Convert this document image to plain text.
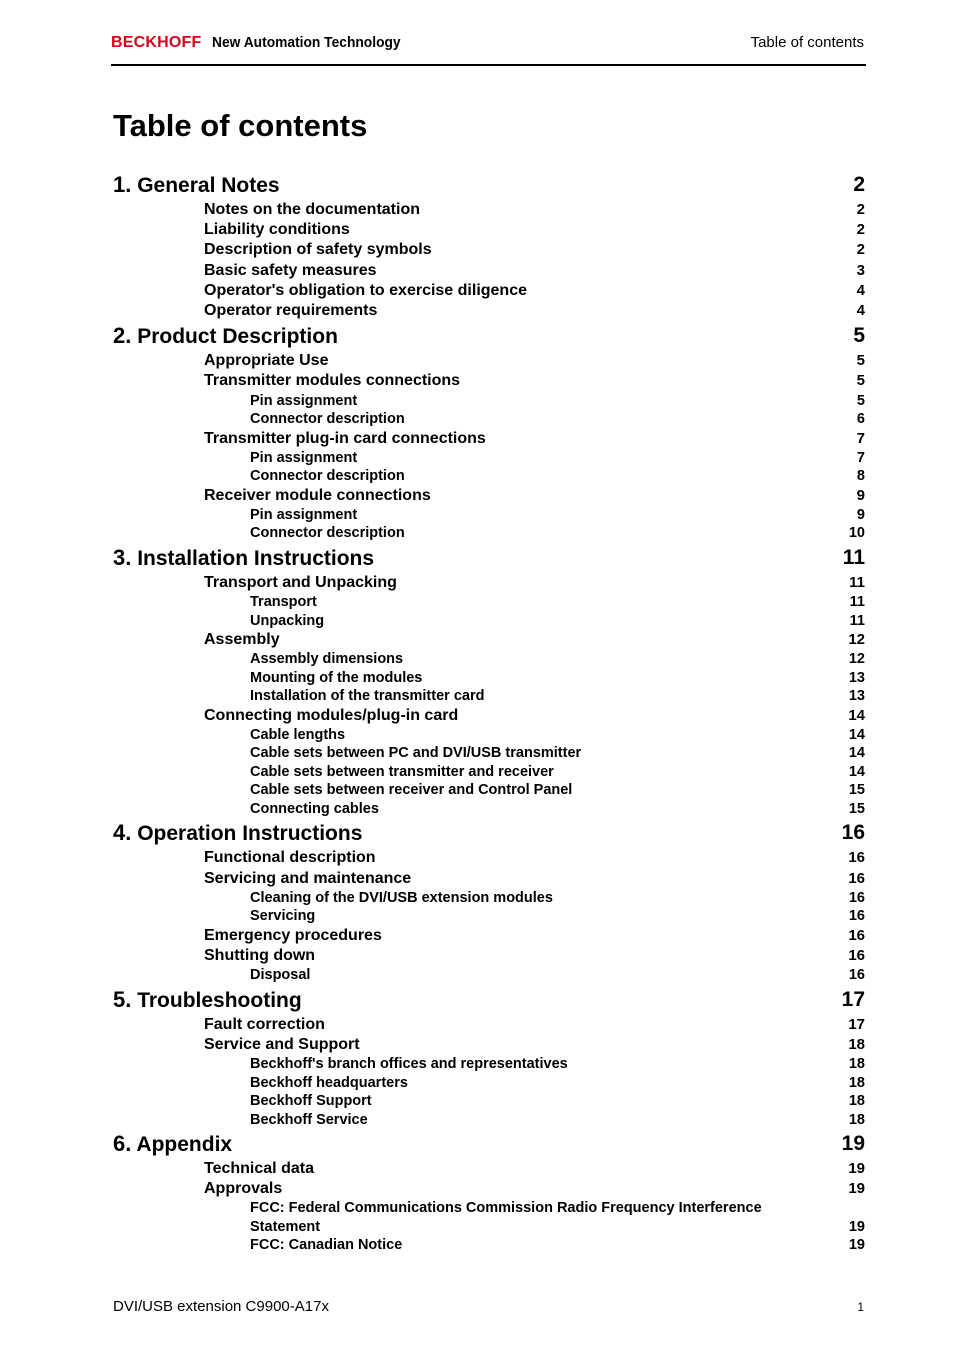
BECKHOFF New Automation Technology	Table of contents
Table of contents
1. General Notes	2
Notes on the documentation	2
Liability conditions	2
Description of safety symbols	2
Basic safety measures	3
Operator's obligation to exercise diligence	4
Operator requirements	4
2. Product Description	5
Appropriate Use	5
Transmitter modules connections	5
Pin assignment	5
Connector description	6
Transmitter plug-in card connections	7
Pin assignment	7
Connector description	8
Receiver module connections	9
Pin assignment	9
Connector description	10
3. Installation Instructions	11
Transport and Unpacking	11
Transport	11
Unpacking	11
Assembly	12
Assembly dimensions	12
Mounting of the modules	13
Installation of the transmitter card	13
Connecting modules/plug-in card	14
Cable lengths	14
Cable sets between PC and DVI/USB transmitter	14
Cable sets between transmitter and receiver	14
Cable sets between receiver and Control Panel	15
Connecting cables	15
4. Operation Instructions	16
Functional description	16
Servicing and maintenance	16
Cleaning of the DVI/USB extension modules	16
Servicing	16
Emergency procedures	16
Shutting down	16
Disposal	16
5. Troubleshooting	17
Fault correction	17
Service and Support	18
Beckhoff's branch offices and representatives	18
Beckhoff headquarters	18
Beckhoff Support	18
Beckhoff Service	18
6. Appendix	19
Technical data	19
Approvals	19
FCC: Federal Communications Commission Radio Frequency Interference
Statement	19
FCC: Canadian Notice	19
DVI/USB extension C9900-A17x	1
